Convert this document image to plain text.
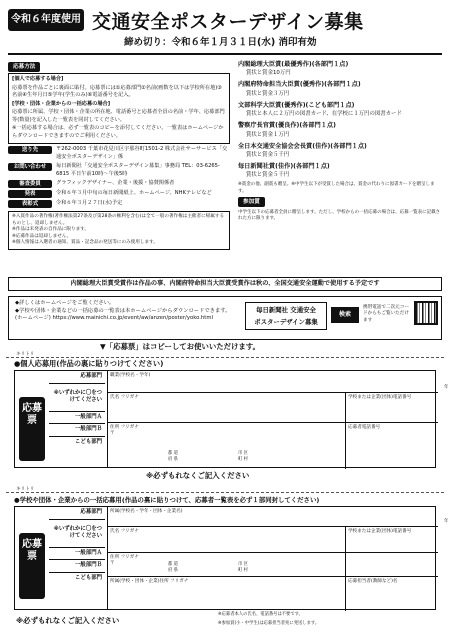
令和６年度使用 交通安全ポスターデザイン募集
締め切り：令和６年１月３１日(水) 消印有効
応募方法

[個人で応募する場合]

応募票を作品ごとに裏面に貼付。応募票には①応募部門②名前(画数を以下は学校所在地)③名前④生年月日⑤学年(学生のみ)⑥電話番号を記入。

[学校・団体・企業からの一括応募の場合]

応募票に所属、学校・団体・企業の所在地、電話番号と応募者全員の名前・学年、応募部門等(数量)を記入した一覧表を同封してください。

※一括応募する場合は、必ず一覧表のコピーを添付してください。一覧表はホームページからダウンロードできますのでご利用ください。

送り先	〒262-0003 千葉市花見川区宇那谷町1501-2 株式会社サーサービス「交通安全ポスターデザイン」係
お問い合わせ	毎日新聞社「交通安全ポスターデザイン募集」事務局 TEL：03-6265-6815 平日午前10時〜午後5時
審査委員	グラフィックデザイナー、企業・後援・協賛関係者
発表	令和６年３月中旬の毎日新聞紙上、ホームページ、NHKテレビなど
表彰式	令和６年３月２７日(水)予定

※入賞作品の著作権(著作権法第27条及び第28条の権利を含む)は全て一般の著作権は主催者に帰属するものとし、返却しません。

※作品は未発表の自作品に限ります。

※応募作品は返却しません。

※個人情報は入選者の通知、賞品・記念品の発送等にのみ使用します。

内閣総理大臣賞(最優秀作)(各部門１点)
賞状と賞金10万円
内閣府特命担当大臣賞(優秀作)(各部門１点)
賞状と賞金３万円
文部科学大臣賞(優秀作)(こども部門１点)
賞状と本人に２万円の図書カード、在学校に１万円の図書カード
警察庁長官賞(優良作)(各部門１点)
賞状と賞金１万円
全日本交通安全協会会長賞(佳作)(各部門１点)
賞状と賞金５千円
毎日新聞社賞(佳作)(各部門１点)
賞状と賞金５千円
※賞金の他、副賞も贈呈。※中学生以下が受賞した場合は、賞金の代わりに図書カードを贈呈します。
参加賞
中学生以下の応募者全員に贈呈します。ただし、学校からの一括応募の場合は、応募一覧表に記載された方に限ります。
内閣総理大臣賞受賞作は作品の事、内閣府特命担当大臣賞受賞作は秋の、全国交通安全運動で使用する予定です
◆詳しくはホームページをご覧ください。
◆学校や団体・企業などの一括応募の一覧表は本ホームページからダウンロードできます。
(ホームページ) https://www.mainichi.co.jp/event/aw/anzen/poster/yoko.html
毎日新聞社 交通安全
ポスターデザイン募集
検索
携帯電話で二次元コードからもご覧いただけます
▼「応募票」はコピーしてお使いいただけます。
キリトリ
●個人応募用(作品の裏に貼りつけてください)
応募票
応募部門
※いずれかに〇をつけてください
一般部門Ａ
一般部門Ｂ
こども部門
職業(学校名・学年)
年
氏名 フリガナ	学校または企業(団体)電話番号
住所 フリガナ
〒
都 道
府 県
市 区
町 村
応募者電話番号
※必ずもれなくご記入ください
キリトリ
●学校や団体・企業からの一括応募用(作品の裏に貼りつけて、応募者一覧表を必ず１部同封してください)
応募票
応募部門
※いずれかに〇をつけてください
一般部門Ａ
一般部門Ｂ
こども部門
所属(学校名・学年・団体・企業名)
年
氏名 フリガナ	学校または企業(団体)電話番号
住所 フリガナ
〒	都 道
府 県
市 区
町 村
所属(学校・団体・企業)住所 フリガナ	応募担当者(教師など)名
※必ずもれなくご記入ください
※応募者本人の氏名、電話番号は不要です。
※参加賞(小・中学生)は応募担当者宛に発送します。
